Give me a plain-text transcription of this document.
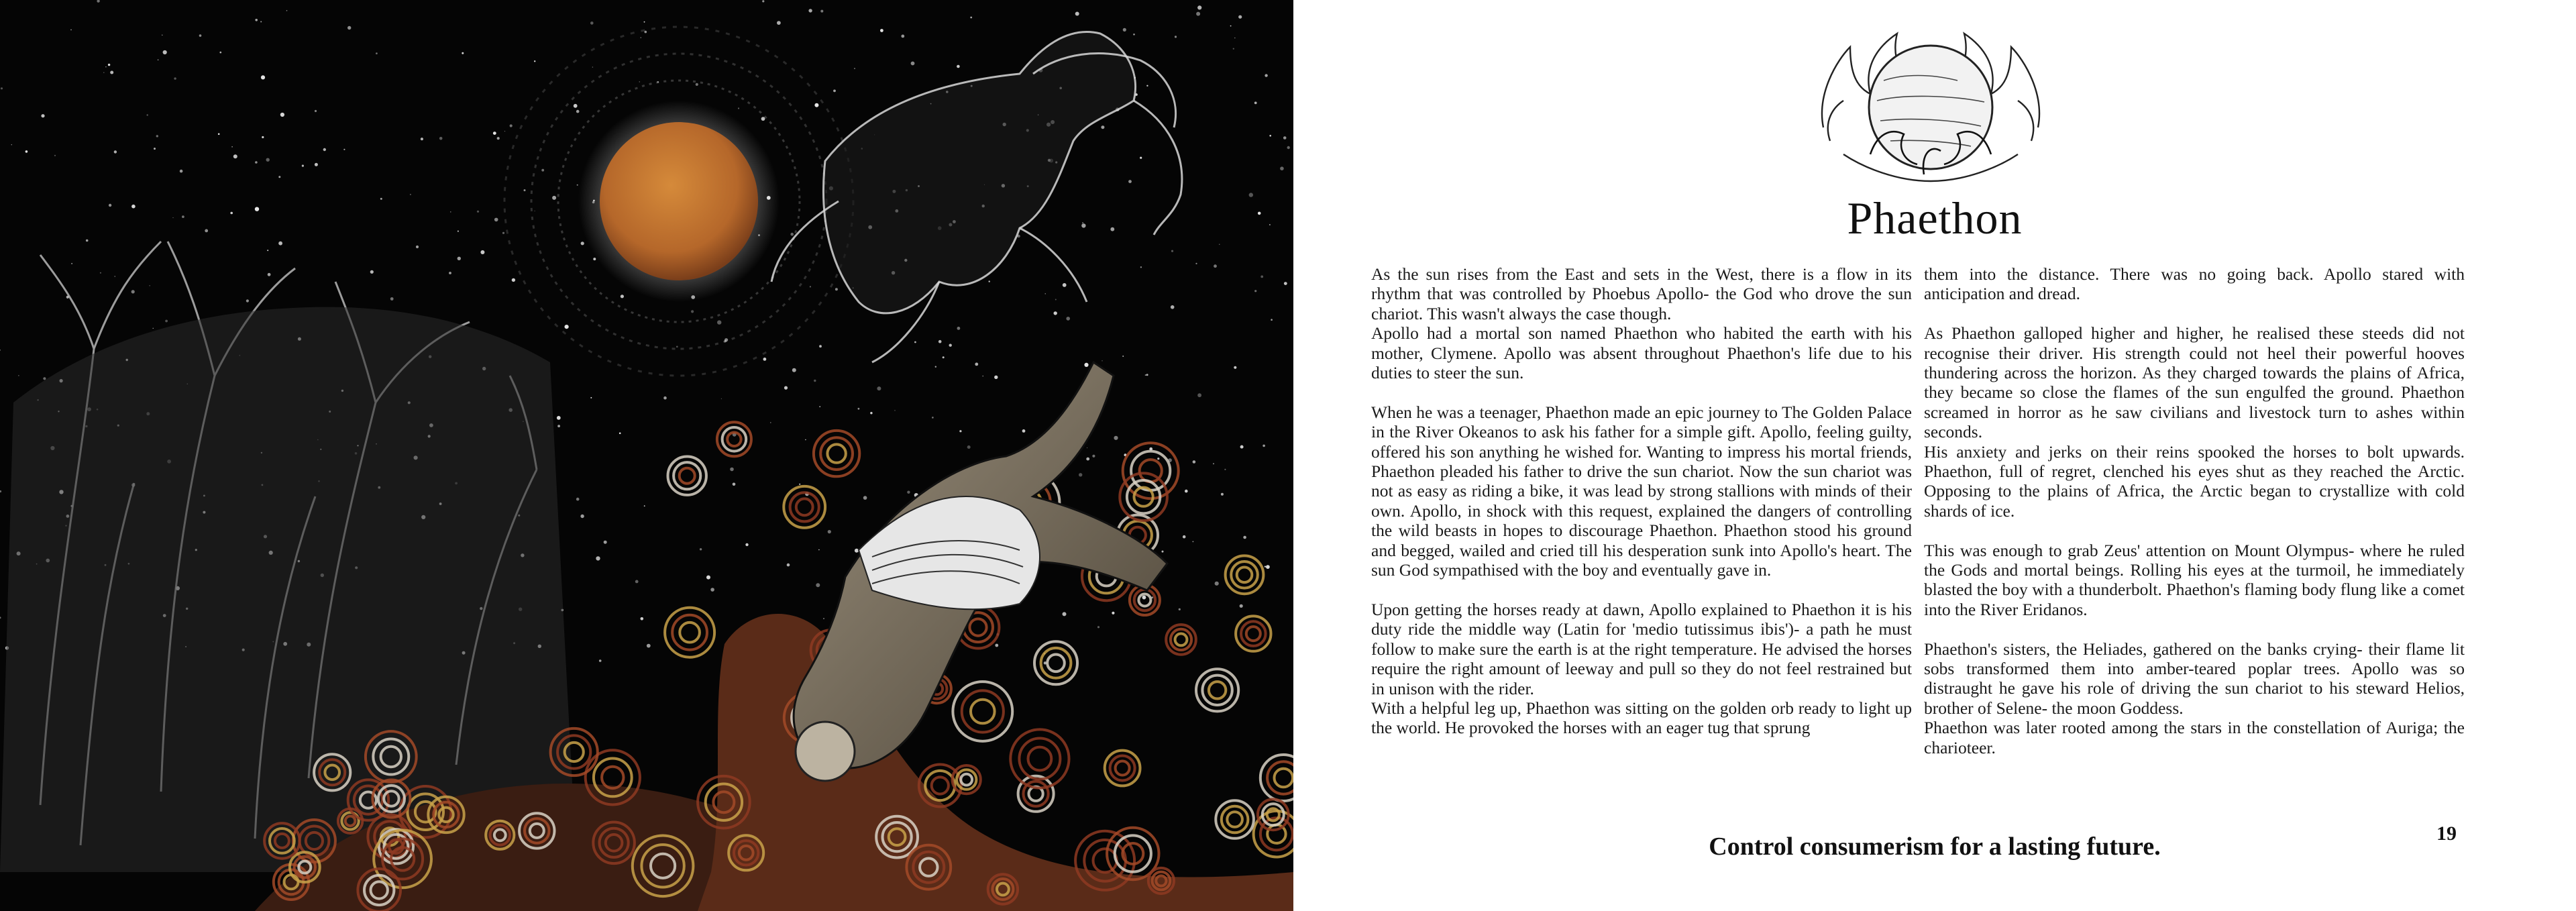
Phaethon

As the sun rises from the East and sets in the West, there is a flow in its rhythm that was controlled by Phoebus Apollo- the God who drove the sun chariot. This wasn't always the case though.

Apollo had a mortal son named Phaethon who habited the earth with his mother, Clymene. Apollo was absent throughout Phaethon's life due to his duties to steer the sun.

When he was a teenager, Phaethon made an epic journey to The Golden Palace in the River Okeanos to ask his father for a simple gift. Apollo, feeling guilty, offered his son anything he wished for. Wanting to impress his mortal friends, Phaethon pleaded his father to drive the sun chariot. Now the sun chariot was not as easy as riding a bike, it was lead by strong stallions with minds of their own. Apollo, in shock with this request, explained the dangers of controlling the wild beasts in hopes to discourage Phaethon. Phaethon stood his ground and begged, wailed and cried till his desperation sunk into Apollo's heart. The sun God sympathised with the boy and eventually gave in.

Upon getting the horses ready at dawn, Apollo explained to Phaethon it is his duty ride the middle way (Latin for 'medio tutissimus ibis')- a path he must follow to make sure the earth is at the right temperature. He advised the horses require the right amount of leeway and pull so they do not feel restrained but in unison with the rider.

With a helpful leg up, Phaethon was sitting on the golden orb ready to light up the world. He provoked the horses with an eager tug that sprung

them into the distance. There was no going back. Apollo stared with anticipation and dread.

As Phaethon galloped higher and higher, he realised these steeds did not recognise their driver. His strength could not heel their powerful hooves thundering across the horizon. As they charged towards the plains of Africa, they became so close the flames of the sun engulfed the ground. Phaethon screamed in horror as he saw civilians and livestock turn to ashes within seconds.

His anxiety and jerks on their reins spooked the horses to bolt upwards. Phaethon, full of regret, clenched his eyes shut as they reached the Arctic. Opposing to the plains of Africa, the Arctic began to crystallize with cold shards of ice.

This was enough to grab Zeus' attention on Mount Olympus- where he ruled the Gods and mortal beings. Rolling his eyes at the turmoil, he immediately blasted the boy with a thunderbolt. Phaethon's flaming body flung like a comet into the River Eridanos.

Phaethon's sisters, the Heliades, gathered on the banks crying- their flame lit sobs transformed them into amber-teared poplar trees. Apollo was so distraught he gave his role of driving the sun chariot to his steward Helios, brother of Selene- the moon Goddess.

Phaethon was later rooted among the stars in the constellation of Auriga; the charioteer.

Control consumerism for a lasting future.	19
